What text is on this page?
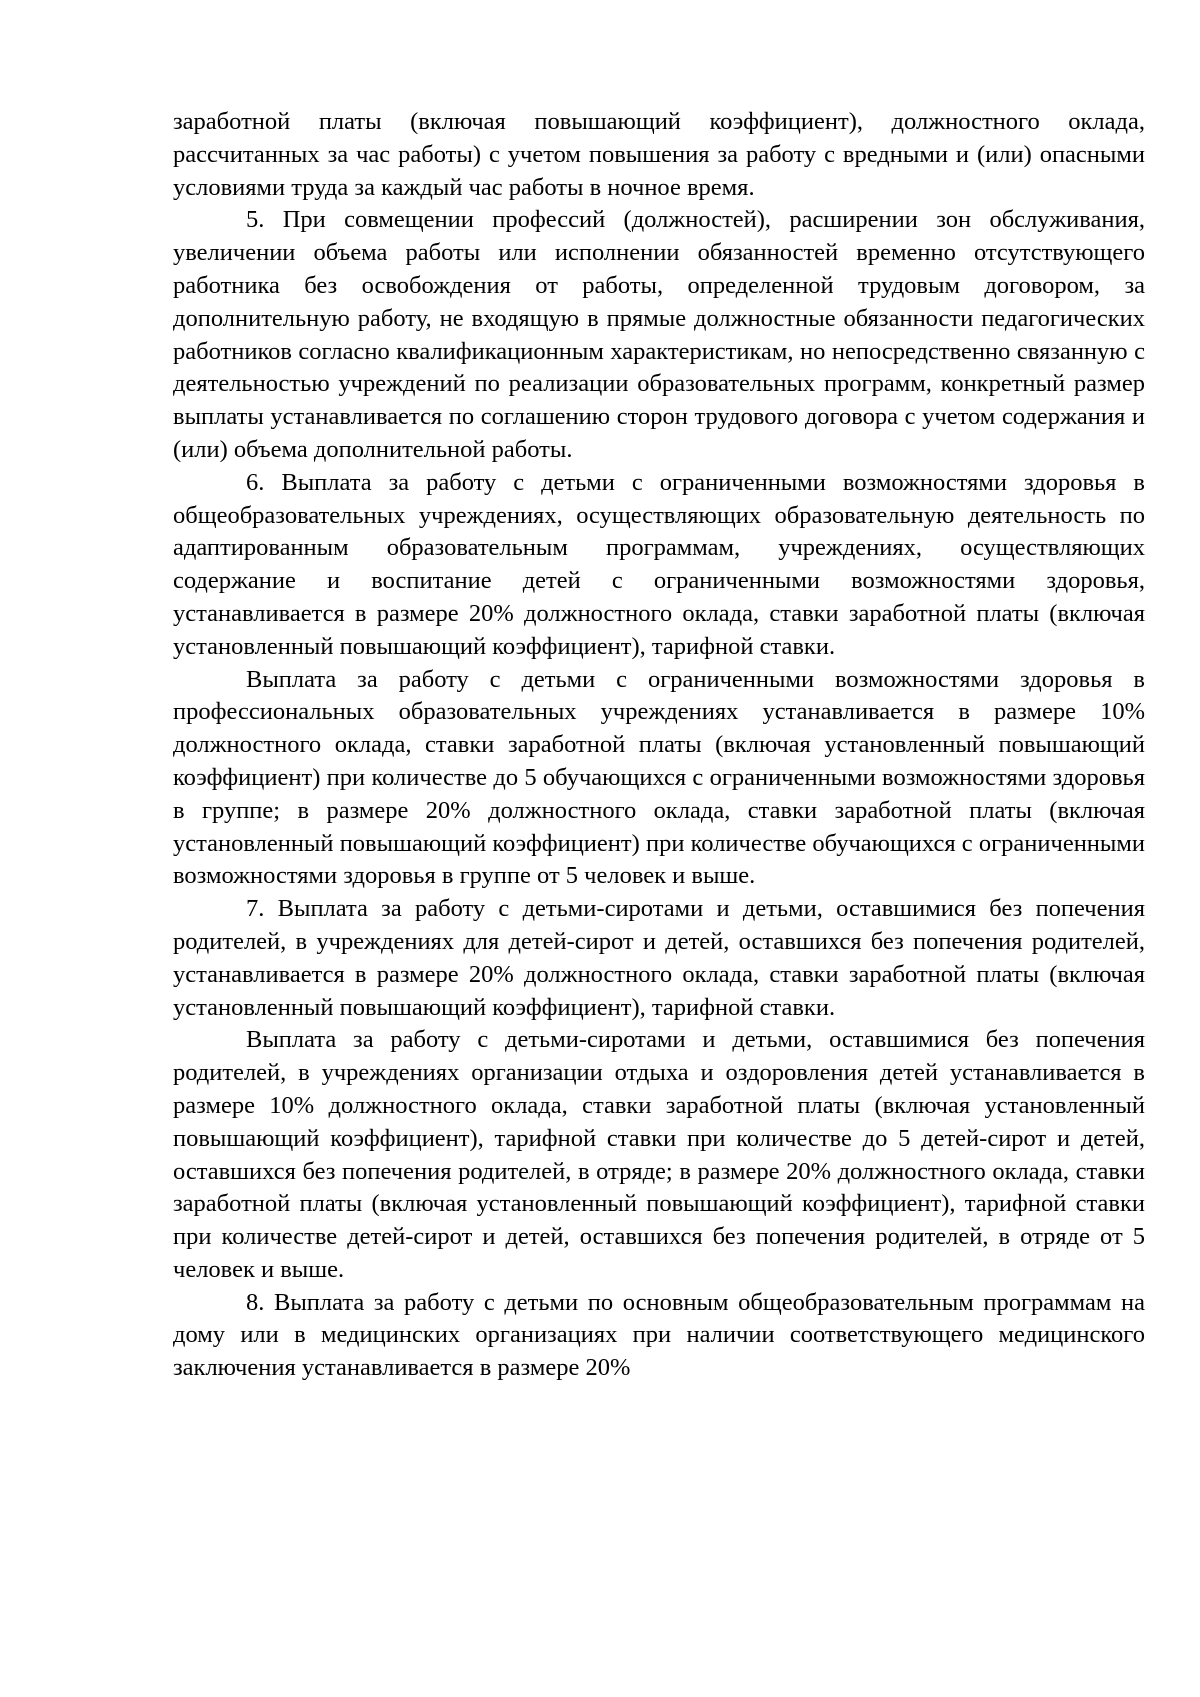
заработной платы (включая повышающий коэффициент), должностного оклада, рассчитанных за час работы) с учетом повышения за работу с вредными и (или) опасными условиями труда за каждый час работы в ночное время.

5. При совмещении профессий (должностей), расширении зон обслуживания, увеличении объема работы или исполнении обязанностей временно отсутствующего работника без освобождения от работы, определенной трудовым договором, за дополнительную работу, не входящую в прямые должностные обязанности педагогических работников согласно квалификационным характеристикам, но непосредственно связанную с деятельностью учреждений по реализации образовательных программ, конкретный размер выплаты устанавливается по соглашению сторон трудового договора с учетом содержания и (или) объема дополнительной работы.

6. Выплата за работу с детьми с ограниченными возможностями здоровья в общеобразовательных учреждениях, осуществляющих образовательную деятельность по адаптированным образовательным программам, учреждениях, осуществляющих содержание и воспитание детей с ограниченными возможностями здоровья, устанавливается в размере 20% должностного оклада, ставки заработной платы (включая установленный повышающий коэффициент), тарифной ставки.

Выплата за работу с детьми с ограниченными возможностями здоровья в профессиональных образовательных учреждениях устанавливается в размере 10% должностного оклада, ставки заработной платы (включая установленный повышающий коэффициент) при количестве до 5 обучающихся с ограниченными возможностями здоровья в группе; в размере 20% должностного оклада, ставки заработной платы (включая установленный повышающий коэффициент) при количестве обучающихся с ограниченными возможностями здоровья в группе от 5 человек и выше.

7. Выплата за работу с детьми-сиротами и детьми, оставшимися без попечения родителей, в учреждениях для детей-сирот и детей, оставшихся без попечения родителей, устанавливается в размере 20% должностного оклада, ставки заработной платы (включая установленный повышающий коэффициент), тарифной ставки.

Выплата за работу с детьми-сиротами и детьми, оставшимися без попечения родителей, в учреждениях организации отдыха и оздоровления детей устанавливается в размере 10% должностного оклада, ставки заработной платы (включая установленный повышающий коэффициент), тарифной ставки при количестве до 5 детей-сирот и детей, оставшихся без попечения родителей, в отряде; в размере 20% должностного оклада, ставки заработной платы (включая установленный повышающий коэффициент), тарифной ставки при количестве детей-сирот и детей, оставшихся без попечения родителей, в отряде от 5 человек и выше.

8. Выплата за работу с детьми по основным общеобразовательным программам на дому или в медицинских организациях при наличии соответствующего медицинского заключения устанавливается в размере 20%
